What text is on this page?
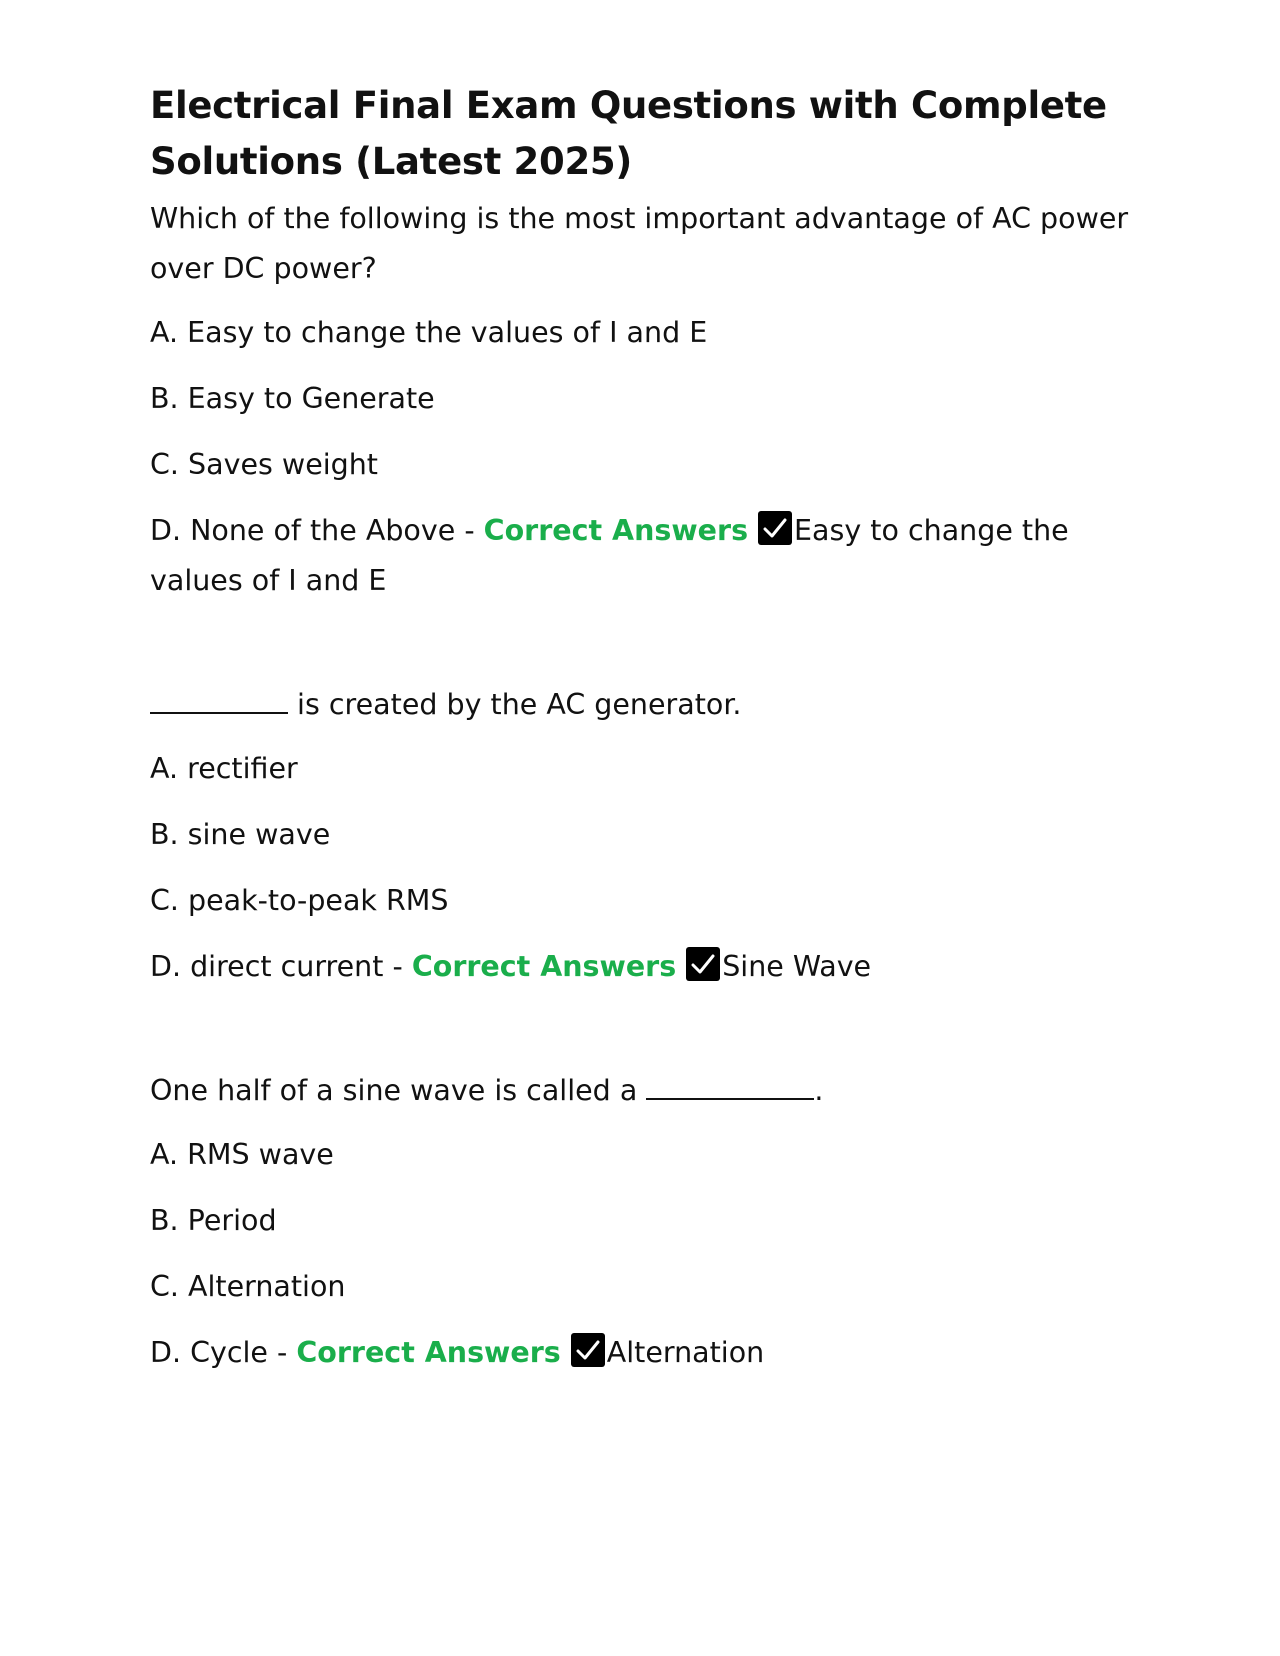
Electrical Final Exam Questions with Complete Solutions (Latest 2025)
Which of the following is the most important advantage of AC power over DC power?
A. Easy to change the values of I and E
B. Easy to Generate
C. Saves weight
D. None of the Above - Correct Answers Easy to change the values of I and E
is created by the AC generator.
A. rectifier
B. sine wave
C. peak-to-peak RMS
D. direct current - Correct Answers Sine Wave
One half of a sine wave is called a	.
A. RMS wave
B. Period
C. Alternation
D. Cycle - Correct Answers Alternation
